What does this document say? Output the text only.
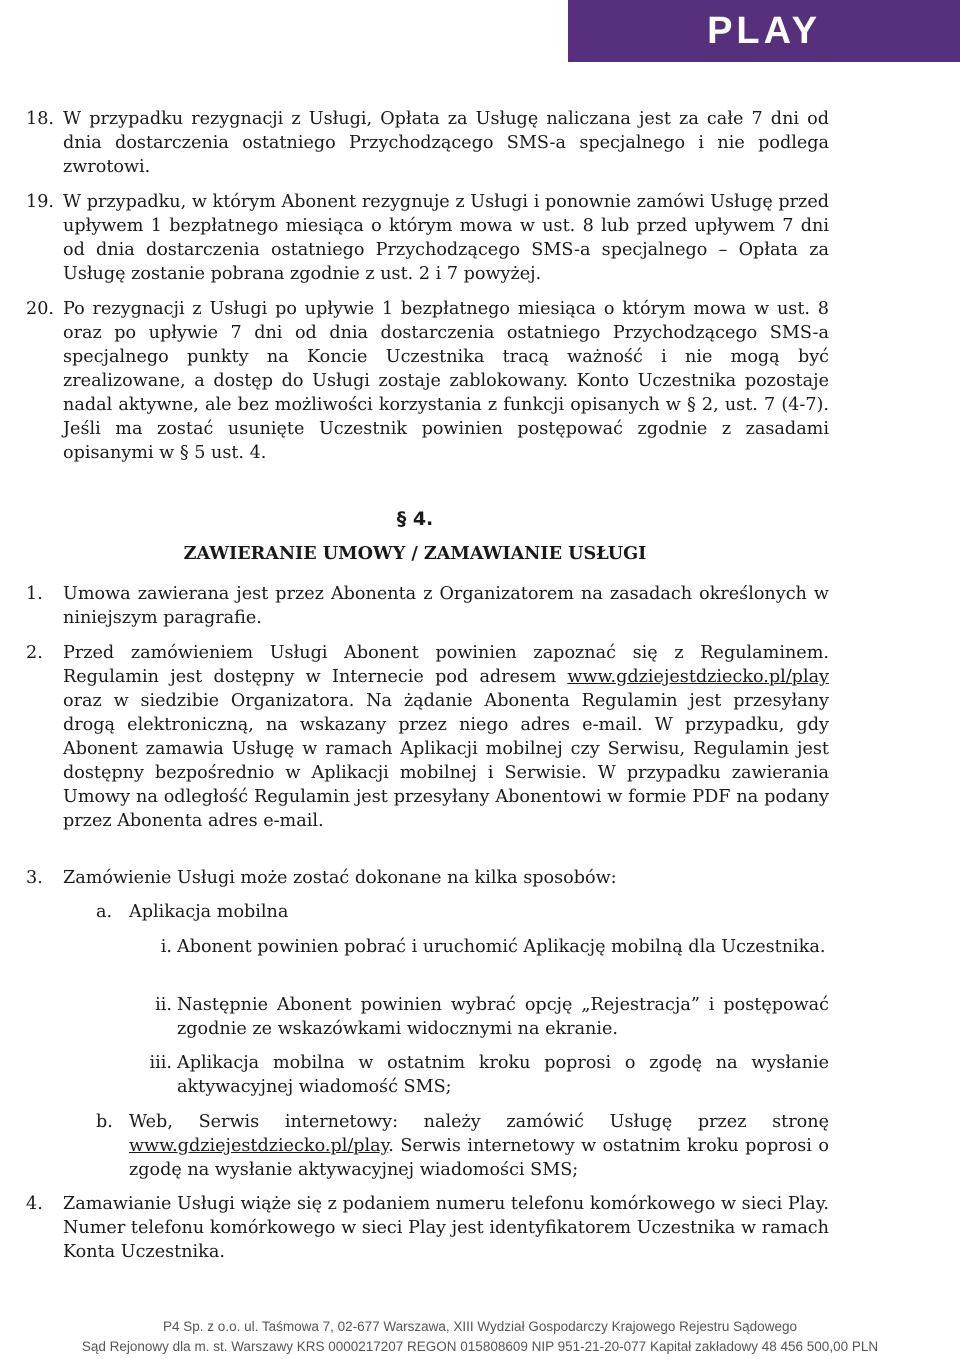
PLAY
18. W przypadku rezygnacji z Usługi, Opłata za Usługę naliczana jest za całe 7 dni od dnia dostarczenia ostatniego Przychodzącego SMS-a specjalnego i nie podlega zwrotowi.
19. W przypadku, w którym Abonent rezygnuje z Usługi i ponownie zamówi Usługę przed upływem 1 bezpłatnego miesiąca o którym mowa w ust. 8 lub przed upływem 7 dni od dnia dostarczenia ostatniego Przychodzącego SMS-a specjalnego – Opłata za Usługę zostanie pobrana zgodnie z ust. 2 i 7 powyżej.
20. Po rezygnacji z Usługi po upływie 1 bezpłatnego miesiąca o którym mowa w ust. 8 oraz po upływie 7 dni od dnia dostarczenia ostatniego Przychodzącego SMS-a specjalnego punkty na Koncie Uczestnika tracą ważność i nie mogą być zrealizowane, a dostęp do Usługi zostaje zablokowany. Konto Uczestnika pozostaje nadal aktywne, ale bez możliwości korzystania z funkcji opisanych w § 2, ust. 7 (4-7). Jeśli ma zostać usunięte Uczestnik powinien postępować zgodnie z zasadami opisanymi w § 5 ust. 4.
§ 4.
ZAWIERANIE UMOWY / ZAMAWIANIE USŁUGI
1. Umowa zawierana jest przez Abonenta z Organizatorem na zasadach określonych w niniejszym paragrafie.
2. Przed zamówieniem Usługi Abonent powinien zapoznać się z Regulaminem. Regulamin jest dostępny w Internecie pod adresem www.gdziejestdziecko.pl/play oraz w siedzibie Organizatora. Na żądanie Abonenta Regulamin jest przesyłany drogą elektroniczną, na wskazany przez niego adres e-mail. W przypadku, gdy Abonent zamawia Usługę w ramach Aplikacji mobilnej czy Serwisu, Regulamin jest dostępny bezpośrednio w Aplikacji mobilnej i Serwisie. W przypadku zawierania Umowy na odległość Regulamin jest przesyłany Abonentowi w formie PDF na podany przez Abonenta adres e-mail.
3. Zamówienie Usługi może zostać dokonane na kilka sposobów:
a. Aplikacja mobilna
i. Abonent powinien pobrać i uruchomić Aplikację mobilną dla Uczestnika.
ii. Następnie Abonent powinien wybrać opcję „Rejestracja” i postępować zgodnie ze wskazówkami widocznymi na ekranie.
iii. Aplikacja mobilna w ostatnim kroku poprosi o zgodę na wysłanie aktywacyjnej wiadomość SMS;
b. Web, Serwis internetowy: należy zamówić Usługę przez stronę www.gdziejestdziecko.pl/play. Serwis internetowy w ostatnim kroku poprosi o zgodę na wysłanie aktywacyjnej wiadomości SMS;
4. Zamawianie Usługi wiąże się z podaniem numeru telefonu komórkowego w sieci Play. Numer telefonu komórkowego w sieci Play jest identyfikatorem Uczestnika w ramach Konta Uczestnika.
P4 Sp. z o.o. ul. Taśmowa 7, 02-677 Warszawa, XIII Wydział Gospodarczy Krajowego Rejestru Sądowego
Sąd Rejonowy dla m. st. Warszawy KRS 0000217207 REGON 015808609 NIP 951-21-20-077 Kapitał zakładowy 48 456 500,00 PLN
